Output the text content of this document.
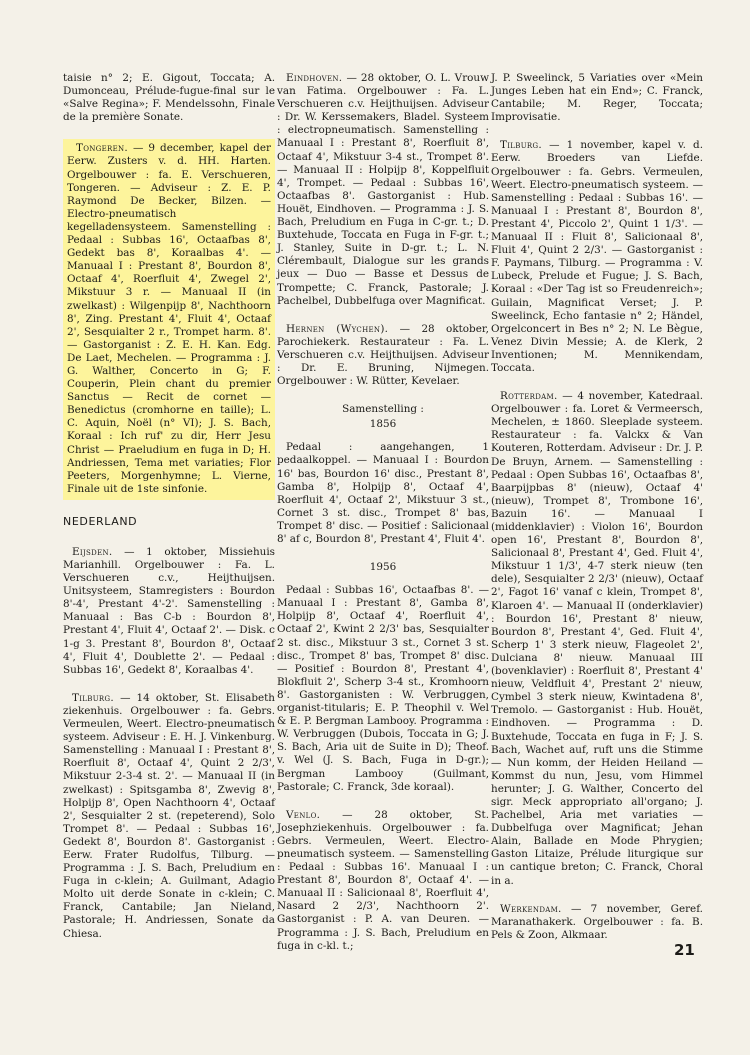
taisie n° 2; E. Gigout, Toccata; A. Dumonceau, Prélude-fugue-final sur le «Salve Regina»; F. Mendelssohn, Finale de la première Sonate.

Tongeren. — 9 december, kapel der Eerw. Zusters v. d. HH. Harten. Orgelbouwer : fa. E. Verschueren, Tongeren. — Adviseur : Z. E. P. Raymond De Becker, Bilzen. — Electro-pneumatisch kegelladensysteem. Samenstelling : Pedaal : Subbas 16', Octaafbas 8', Gedekt bas 8', Koraalbas 4'. — Manuaal I : Prestant 8', Bourdon 8', Octaaf 4', Roerfluit 4', Zwegel 2', Mikstuur 3 r. — Manuaal II (in zwelkast) : Wilgenpijp 8', Nachthoorn 8', Zing. Prestant 4', Fluit 4', Octaaf 2', Sesquialter 2 r., Trompet harm. 8'. — Gastorganist : Z. E. H. Kan. Edg. De Laet, Mechelen. — Programma : J. G. Walther, Concerto in G; F. Couperin, Plein chant du premier Sanctus — Recit de cornet — Benedictus (cromhorne en taille); L. C. Aquin, Noël (n° VI); J. S. Bach, Koraal : Ich ruf' zu dir, Herr Jesu Christ — Praeludium en fuga in D; H. Andriessen, Tema met variaties; Flor Peeters, Morgenhymne; L. Vierne, Finale uit de 1ste sinfonie.

NEDERLAND

Eijsden. — 1 oktober, Missiehuis Marianhill. Orgelbouwer : Fa. L. Verschueren c.v., Heijthuijsen. Unitsysteem, Stamregisters : Bourdon 8'-4', Prestant 4'-2'. Samenstelling : Manuaal : Bas C-b : Bourdon 8', Prestant 4', Fluit 4', Octaaf 2'. — Disk. c 1-g 3. Prestant 8', Bourdon 8', Octaaf 4', Fluit 4', Doublette 2'. — Pedaal : Subbas 16', Gedekt 8', Koraalbas 4'.

Tilburg. — 14 oktober, St. Elisabeth ziekenhuis. Orgelbouwer : fa. Gebrs. Vermeulen, Weert. Electro-pneumatisch systeem. Adviseur : E. H. J. Vinkenburg. Samenstelling : Manuaal I : Prestant 8', Roerfluit 8', Octaaf 4', Quint 2 2/3', Mikstuur 2-3-4 st. 2'. — Manuaal II (in zwelkast) : Spitsgamba 8', Zwevig 8', Holpijp 8', Open Nachthoorn 4', Octaaf 2', Sesquialter 2 st. (repeterend), Solo Trompet 8'. — Pedaal : Subbas 16', Gedekt 8', Bourdon 8'. Gastorganist : Eerw. Frater Rudolfus, Tilburg. — Programma : J. S. Bach, Preludium en Fuga in c-klein; A. Guilmant, Adagio Molto uit derde Sonate in c-klein; C. Franck, Cantabile; Jan Nieland, Pastorale; H. Andriessen, Sonate da Chiesa.

Eindhoven. — 28 oktober, O. L. Vrouw van Fatima. Orgelbouwer : Fa. L. Verschueren c.v. Heijthuijsen. Adviseur : Dr. W. Kerssemakers, Bladel. Systeem : electropneumatisch. Samenstelling : Manuaal I : Prestant 8', Roerfluit 8', Octaaf 4', Mikstuur 3-4 st., Trompet 8'. — Manuaal II : Holpijp 8', Koppelfluit 4', Trompet. — Pedaal : Subbas 16', Octaafbas 8'. Gastorganist : Hub. Houët, Eindhoven. — Programma : J. S. Bach, Preludium en Fuga in C-gr. t.; D. Buxtehude, Toccata en Fuga in F-gr. t.; J. Stanley, Suite in D-gr. t.; L. N. Clérembault, Dialogue sur les grands jeux — Duo — Basse et Dessus de Trompette; C. Franck, Pastorale; J. Pachelbel, Dubbelfuga over Magnificat.

Hernen (Wychen). — 28 oktober, Parochiekerk. Restaurateur : Fa. L. Verschueren c.v. Heijthuijsen. Adviseur : Dr. E. Bruning, Nijmegen. Orgelbouwer : W. Rütter, Kevelaer.

Samenstelling :
1856

Pedaal : aangehangen, 1 pedaalkoppel. — Manuaal I : Bourdon 16' bas, Bourdon 16' disc., Prestant 8', Gamba 8', Holpijp 8', Octaaf 4', Roerfluit 4', Octaaf 2', Mikstuur 3 st., Cornet 3 st. disc., Trompet 8' bas, Trompet 8' disc. — Positief : Salicionaal 8' af c, Bourdon 8', Prestant 4', Fluit 4'.

1956

Pedaal : Subbas 16', Octaafbas 8'. — Manuaal I : Prestant 8', Gamba 8', Holpijp 8', Octaaf 4', Roerfluit 4', Octaaf 2', Kwint 2 2/3' bas, Sesquialter 2 st. disc., Mikstuur 3 st., Cornet 3 st. disc., Trompet 8' bas, Trompet 8' disc. — Positief : Bourdon 8', Prestant 4', Blokfluit 2', Scherp 3-4 st., Kromhoorn 8'. Gastorganisten : W. Verbruggen, organist-titularis; E. P. Theophil v. Wel & E. P. Bergman Lambooy. Programma : W. Verbruggen (Dubois, Toccata in G; J. S. Bach, Aria uit de Suite in D); Theof. v. Wel (J. S. Bach, Fuga in D-gr.); Bergman Lambooy (Guilmant, Pastorale; C. Franck, 3de koraal).

Venlo. — 28 oktober, St. Josephziekenhuis. Orgelbouwer : fa. Gebrs. Vermeulen, Weert. Electro-pneumatisch systeem. — Samenstelling : Pedaal : Subbas 16'. Manuaal I : Prestant 8', Bourdon 8', Octaaf 4'. — Manuaal II : Salicionaal 8', Roerfluit 4', Nasard 2 2/3', Nachthoorn 2'. Gastorganist : P. A. van Deuren. — Programma : J. S. Bach, Preludium en fuga in c-kl. t.;

J. P. Sweelinck, 5 Variaties over «Mein Junges Leben hat ein End»; C. Franck, Cantabile; M. Reger, Toccata; Improvisatie.

Tilburg. — 1 november, kapel v. d. Eerw. Broeders van Liefde. Orgelbouwer : fa. Gebrs. Vermeulen, Weert. Electro-pneumatisch systeem. — Samenstelling : Pedaal : Subbas 16'. — Manuaal I : Prestant 8', Bourdon 8', Prestant 4', Piccolo 2', Quint 1 1/3'. — Manuaal II : Fluit 8', Salicionaal 8', Fluit 4', Quint 2 2/3'. — Gastorganist : F. Paymans, Tilburg. — Programma : V. Lubeck, Prelude et Fugue; J. S. Bach, Koraal : «Der Tag ist so Freudenreich»; Guilain, Magnificat Verset; J. P. Sweelinck, Echo fantasie n° 2; Händel, Orgelconcert in Bes n° 2; N. Le Bègue, Venez Divin Messie; A. de Klerk, 2 Inventionen; M. Mennikendam, Toccata.

Rotterdam. — 4 november, Katedraal. Orgelbouwer : fa. Loret & Vermeersch, Mechelen, ± 1860. Sleeplade systeem. Restaurateur : fa. Valckx & Van Kouteren, Rotterdam. Adviseur : Dr. J. P. De Bruyn, Arnem. — Samenstelling : Pedaal : Open Subbas 16', Octaafbas 8', Baarpijpbas 8' (nieuw), Octaaf 4' (nieuw), Trompet 8', Trombone 16', Bazuin 16'. — Manuaal I (middenklavier) : Violon 16', Bourdon open 16', Prestant 8', Bourdon 8', Salicionaal 8', Prestant 4', Ged. Fluit 4', Mikstuur 1 1/3', 4-7 sterk nieuw (ten dele), Sesquialter 2 2/3' (nieuw), Octaaf 2', Fagot 16' vanaf c klein, Trompet 8', Klaroen 4'. — Manuaal II (onderklavier) : Bourdon 16', Prestant 8' nieuw, Bourdon 8', Prestant 4', Ged. Fluit 4', Scherp 1' 3 sterk nieuw, Flageolet 2', Dulciana 8' nieuw. Manuaal III (bovenklavier) : Roerfluit 8', Prestant 4' nieuw, Veldfluit 4', Prestant 2' nieuw, Cymbel 3 sterk nieuw, Kwintadena 8', Tremolo. — Gastorganist : Hub. Houët, Eindhoven. — Programma : D. Buxtehude, Toccata en fuga in F; J. S. Bach, Wachet auf, ruft uns die Stimme — Nun komm, der Heiden Heiland — Kommst du nun, Jesu, vom Himmel herunter; J. G. Walther, Concerto del sigr. Meck appropriato all'organo; J. Pachelbel, Aria met variaties — Dubbelfuga over Magnificat; Jehan Alain, Ballade en Mode Phrygien; Gaston Litaize, Prélude liturgique sur un cantique breton; C. Franck, Choral in a.

Werkendam. — 7 november, Geref. Maranathakerk. Orgelbouwer : fa. B. Pels & Zoon, Alkmaar.

21
